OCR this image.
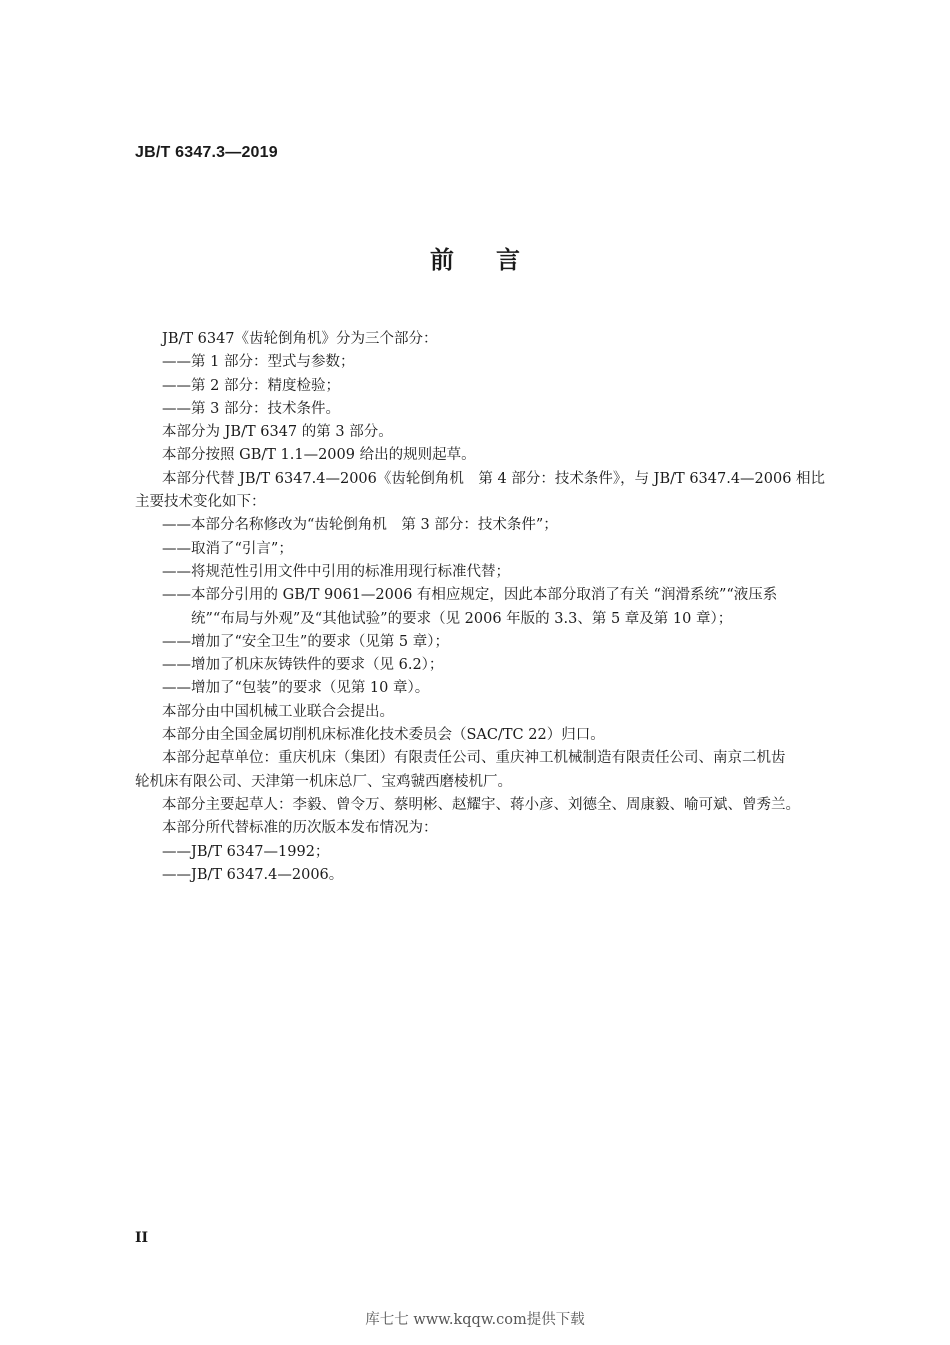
JB/T 6347.3—2019
前言
JB/T 6347《齿轮倒角机》分为三个部分：
——第 1 部分：型式与参数；
——第 2 部分：精度检验；
——第 3 部分：技术条件。
本部分为 JB/T 6347 的第 3 部分。
本部分按照 GB/T 1.1—2009 给出的规则起草。
本部分代替 JB/T 6347.4—2006《齿轮倒角机　第 4 部分：技术条件》，与 JB/T 6347.4—2006 相比
主要技术变化如下：
——本部分名称修改为“齿轮倒角机　第 3 部分：技术条件”；
——取消了“引言”；
——将规范性引用文件中引用的标准用现行标准代替；
——本部分引用的 GB/T 9061—2006 有相应规定，因此本部分取消了有关 “润滑系统”“液压系
统”“布局与外观”及“其他试验”的要求（见 2006 年版的 3.3、第 5 章及第 10 章）；
——增加了“安全卫生”的要求（见第 5 章）；
——增加了机床灰铸铁件的要求（见 6.2）；
——增加了“包装”的要求（见第 10 章）。
本部分由中国机械工业联合会提出。
本部分由全国金属切削机床标准化技术委员会（SAC/TC 22）归口。
本部分起草单位：重庆机床（集团）有限责任公司、重庆神工机械制造有限责任公司、南京二机齿
轮机床有限公司、天津第一机床总厂、宝鸡虢西磨棱机厂。
本部分主要起草人：李毅、曾令万、蔡明彬、赵耀宇、蒋小彦、刘德全、周康毅、喻可斌、曾秀兰。
本部分所代替标准的历次版本发布情况为：
——JB/T 6347—1992；
——JB/T 6347.4—2006。
II
库七七 www.kqqw.com提供下载
